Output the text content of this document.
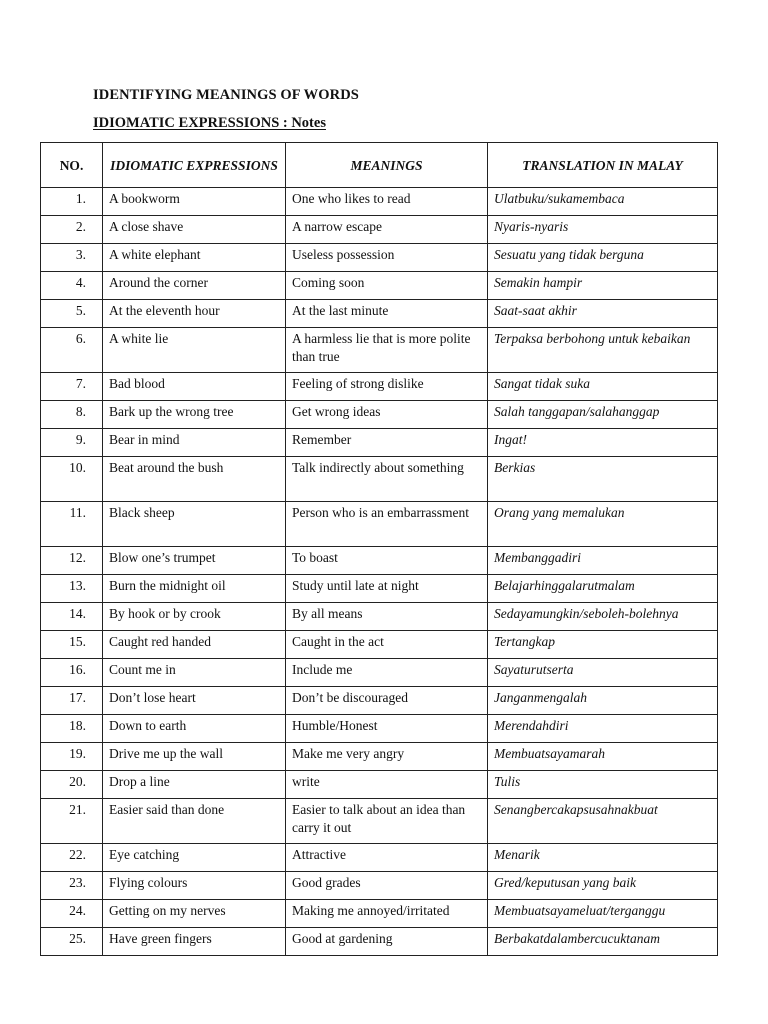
IDENTIFYING MEANINGS OF WORDS
IDIOMATIC EXPRESSIONS : Notes
NO.	IDIOMATIC EXPRESSIONS	MEANINGS	TRANSLATION IN MALAY
1.	A bookworm	One who likes to read	Ulatbuku/sukamembaca
2.	A close shave	A narrow escape	Nyaris-nyaris
3.	A white elephant	Useless possession	Sesuatu yang tidak berguna
4.	Around the corner	Coming soon	Semakin hampir
5.	At the eleventh hour	At the last minute	Saat-saat akhir
6.	A white lie	A harmless lie that is more polite than true	Terpaksa berbohong untuk kebaikan
7.	Bad blood	Feeling of strong dislike	Sangat tidak suka
8.	Bark up the wrong tree	Get wrong ideas	Salah tanggapan/salahanggap
9.	Bear in mind	Remember	Ingat!
10.	Beat around the bush	Talk indirectly about something	Berkias
11.	Black sheep	Person who is an embarrassment	Orang yang memalukan
12.	Blow one’s trumpet	To boast	Membanggadiri
13.	Burn the midnight oil	Study until late at night	Belajarhinggalarutmalam
14.	By hook or by crook	By all means	Sedayamungkin/seboleh-bolehnya
15.	Caught red handed	Caught in the act	Tertangkap
16.	Count me in	Include me	Sayaturutserta
17.	Don’t lose heart	Don’t be discouraged	Janganmengalah
18.	Down to earth	Humble/Honest	Merendahdiri
19.	Drive me up the wall	Make me very angry	Membuatsayamarah
20.	Drop a line	write	Tulis
21.	Easier said than done	Easier to talk about an idea than carry it out	Senangbercakapsusahnakbuat
22.	Eye catching	Attractive	Menarik
23.	Flying colours	Good grades	Gred/keputusan yang baik
24.	Getting on my nerves	Making me annoyed/irritated	Membuatsayameluat/terganggu
25.	Have green fingers	Good at gardening	Berbakatdalambercucuktanam
